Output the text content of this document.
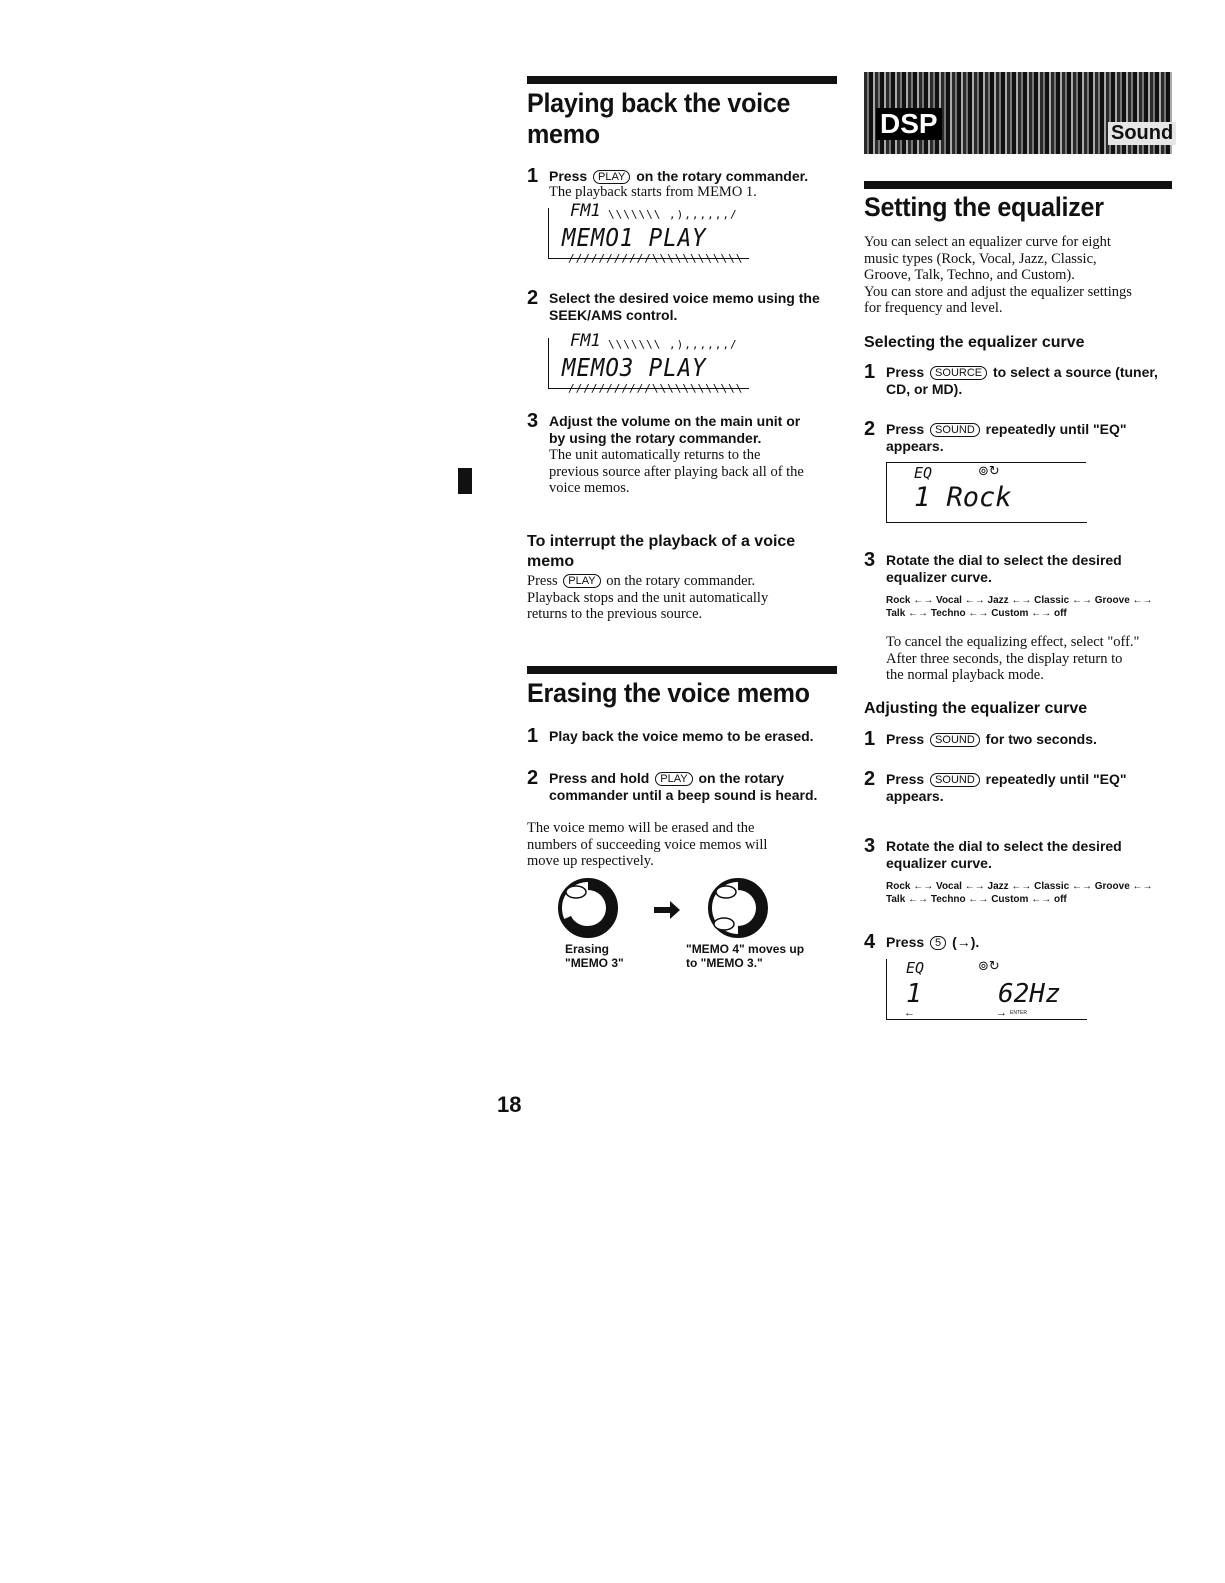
Playing back the voice
memo
1 Press PLAY on the rotary commander.
The playback starts from MEMO 1.
FM1 \\\\\\\ ,),,,,,,/
MEMO1 PLAY
///////////\\\\\\\\\\\\
2 Select the desired voice memo using the
SEEK/AMS control.
FM1 \\\\\\\ ,),,,,,,/
MEMO3 PLAY
///////////\\\\\\\\\\\\
3 Adjust the volume on the main unit or
by using the rotary commander.
The unit automatically returns to the
previous source after playing back all of the
voice memos.
To interrupt the playback of a voice
memo
Press PLAY on the rotary commander.
Playback stops and the unit automatically
returns to the previous source.
Erasing the voice memo
1 Play back the voice memo to be erased.
2 Press and hold PLAY on the rotary
commander until a beep sound is heard.
The voice memo will be erased and the
numbers of succeeding voice memos will
move up respectively.
Erasing
"MEMO 3"
"MEMO 4" moves up
to "MEMO 3."
18
DSP	Sound
Setting the equalizer
You can select an equalizer curve for eight
music types (Rock, Vocal, Jazz, Classic,
Groove, Talk, Techno, and Custom).
You can store and adjust the equalizer settings
for frequency and level.
Selecting the equalizer curve
1 Press SOURCE to select a source (tuner,
CD, or MD).
2 Press SOUND repeatedly until "EQ"
appears.
EQ	⊚↻
1 Rock
3 Rotate the dial to select the desired
equalizer curve.
Rock ←→ Vocal ←→ Jazz ←→ Classic ←→ Groove ←→
Talk ←→ Techno ←→ Custom ←→ off
To cancel the equalizing effect, select "off."
After three seconds, the display return to
the normal playback mode.
Adjusting the equalizer curve
1 Press SOUND for two seconds.
2 Press SOUND repeatedly until "EQ"
appears.
3 Rotate the dial to select the desired
equalizer curve.
Rock ←→ Vocal ←→ Jazz ←→ Classic ←→ Groove ←→
Talk ←→ Techno ←→ Custom ←→ off
4 Press 5 (→).
EQ	⊚↻
1	62Hz
←	→ ENTER
